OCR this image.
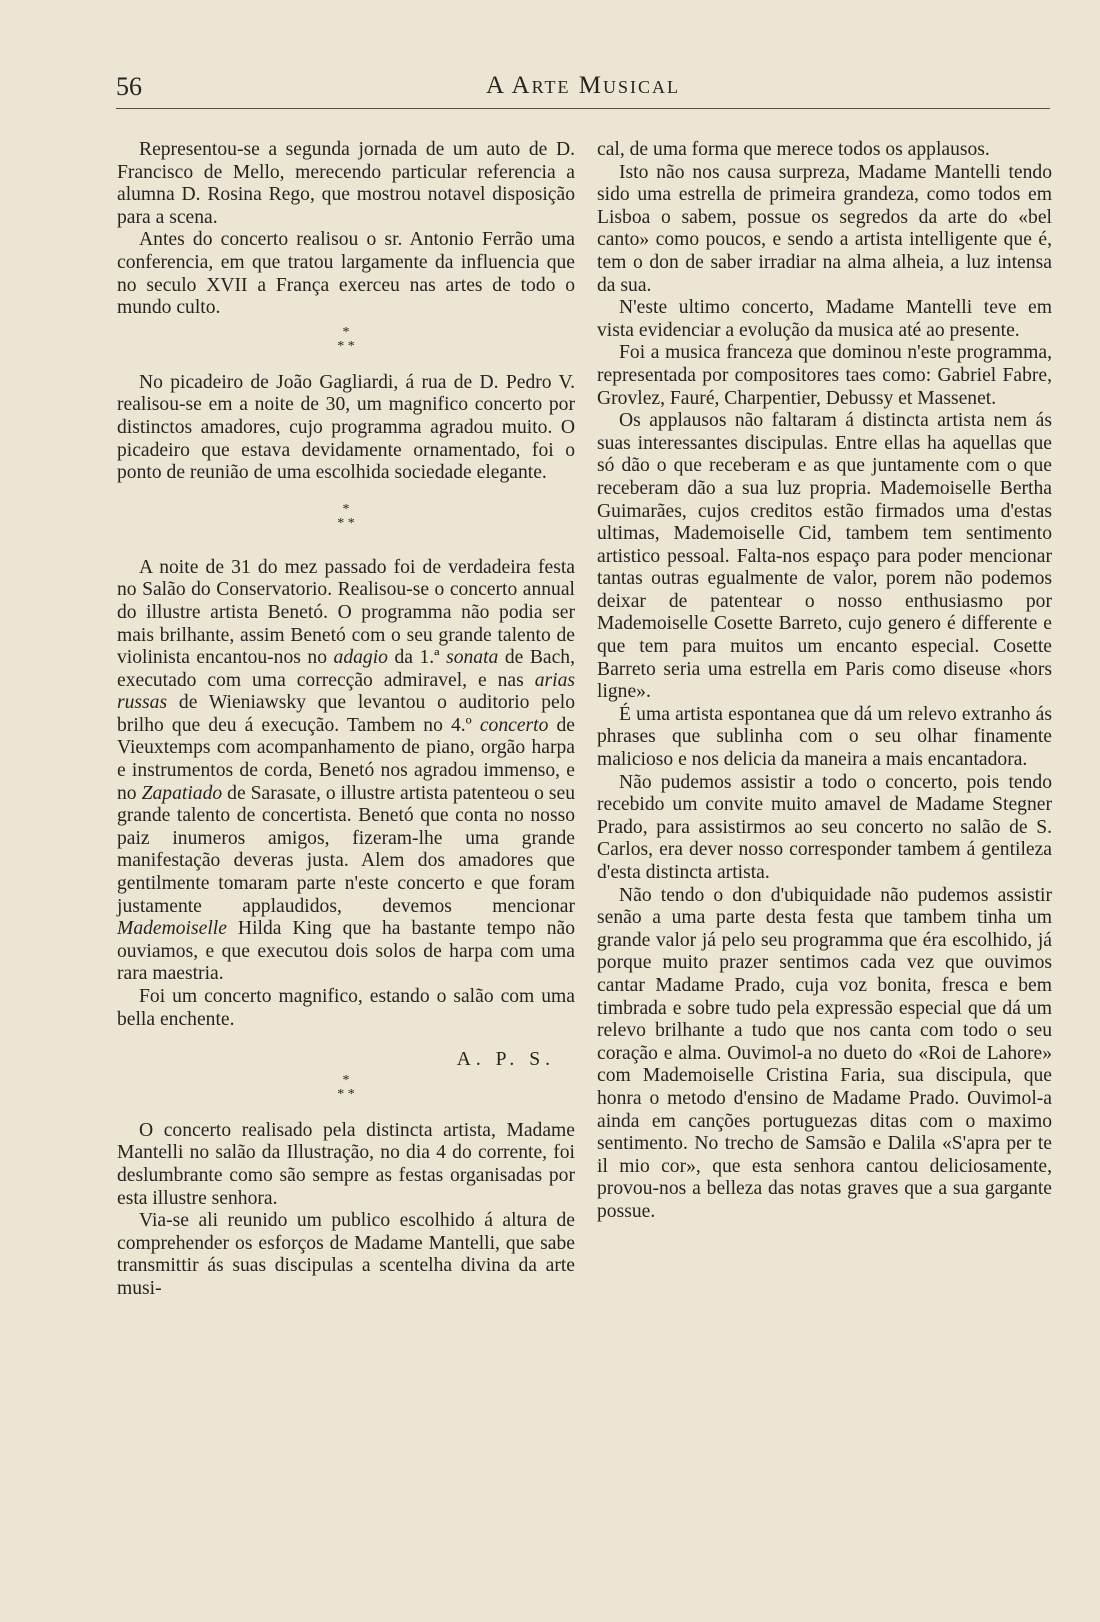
56	A Arte Musical

Representou-se a segunda jornada de um auto de D. Francisco de Mello, merecendo particular referencia a alumna D. Rosina Rego, que mostrou notavel disposição para a scena.

Antes do concerto realisou o sr. Antonio Ferrão uma conferencia, em que tratou largamente da influencia que no seculo XVII a França exerceu nas artes de todo o mundo culto.

*
* *

No picadeiro de João Gagliardi, á rua de D. Pedro V. realisou-se em a noite de 30, um magnifico concerto por distinctos amadores, cujo programma agradou muito. O picadeiro que estava devidamente ornamentado, foi o ponto de reunião de uma escolhida sociedade elegante.

*
* *

A noite de 31 do mez passado foi de verdadeira festa no Salão do Conservatorio. Realisou-se o concerto annual do illustre artista Benetó. O programma não podia ser mais brilhante, assim Benetó com o seu grande talento de violinista encantou-nos no adagio da 1.ª sonata de Bach, executado com uma correcção admiravel, e nas arias russas de Wieniawsky que levantou o auditorio pelo brilho que deu á execução. Tambem no 4.º concerto de Vieuxtemps com acompanhamento de piano, orgão harpa e instrumentos de corda, Benetó nos agradou immenso, e no Zapatiado de Sarasate, o illustre artista patenteou o seu grande talento de concertista. Benetó que conta no nosso paiz inumeros amigos, fizeram-lhe uma grande manifestação deveras justa. Alem dos amadores que gentilmente tomaram parte n'este concerto e que foram justamente applaudidos, devemos mencionar Mademoiselle Hilda King que ha bastante tempo não ouviamos, e que executou dois solos de harpa com uma rara maestria.

Foi um concerto magnifico, estando o salão com uma bella enchente.

A. P. S.
*
* *

O concerto realisado pela distincta artista, Madame Mantelli no salão da Illustração, no dia 4 do corrente, foi deslumbrante como são sempre as festas organisadas por esta illustre senhora.

Via-se ali reunido um publico escolhido á altura de comprehender os esforços de Madame Mantelli, que sabe transmittir ás suas discipulas a scentelha divina da arte musi-

cal, de uma forma que merece todos os applausos.

Isto não nos causa surpreza, Madame Mantelli tendo sido uma estrella de primeira grandeza, como todos em Lisboa o sabem, possue os segredos da arte do «bel canto» como poucos, e sendo a artista intelligente que é, tem o don de saber irradiar na alma alheia, a luz intensa da sua.

N'este ultimo concerto, Madame Mantelli teve em vista evidenciar a evolução da musica até ao presente.

Foi a musica franceza que dominou n'este programma, representada por compositores taes como: Gabriel Fabre, Grovlez, Fauré, Charpentier, Debussy et Massenet.

Os applausos não faltaram á distincta artista nem ás suas interessantes discipulas. Entre ellas ha aquellas que só dão o que receberam e as que juntamente com o que receberam dão a sua luz propria. Mademoiselle Bertha Guimarães, cujos creditos estão firmados uma d'estas ultimas, Mademoiselle Cid, tambem tem sentimento artistico pessoal. Falta-nos espaço para poder mencionar tantas outras egualmente de valor, porem não podemos deixar de patentear o nosso enthusiasmo por Mademoiselle Cosette Barreto, cujo genero é differente e que tem para muitos um encanto especial. Cosette Barreto seria uma estrella em Paris como diseuse «hors ligne».

É uma artista espontanea que dá um relevo extranho ás phrases que sublinha com o seu olhar finamente malicioso e nos delicia da maneira a mais encantadora.

Não pudemos assistir a todo o concerto, pois tendo recebido um convite muito amavel de Madame Stegner Prado, para assistirmos ao seu concerto no salão de S. Carlos, era dever nosso corresponder tambem á gentileza d'esta distincta artista.

Não tendo o don d'ubiquidade não pudemos assistir senão a uma parte desta festa que tambem tinha um grande valor já pelo seu programma que éra escolhido, já porque muito prazer sentimos cada vez que ouvimos cantar Madame Prado, cuja voz bonita, fresca e bem timbrada e sobre tudo pela expressão especial que dá um relevo brilhante a tudo que nos canta com todo o seu coração e alma. Ouvimol-a no dueto do «Roi de Lahore» com Mademoiselle Cristina Faria, sua discipula, que honra o metodo d'ensino de Madame Prado. Ouvimol-a ainda em canções portuguezas ditas com o maximo sentimento. No trecho de Samsão e Dalila «S'apra per te il mio cor», que esta senhora cantou deliciosamente, provou-nos a belleza das notas graves que a sua gargante possue.
